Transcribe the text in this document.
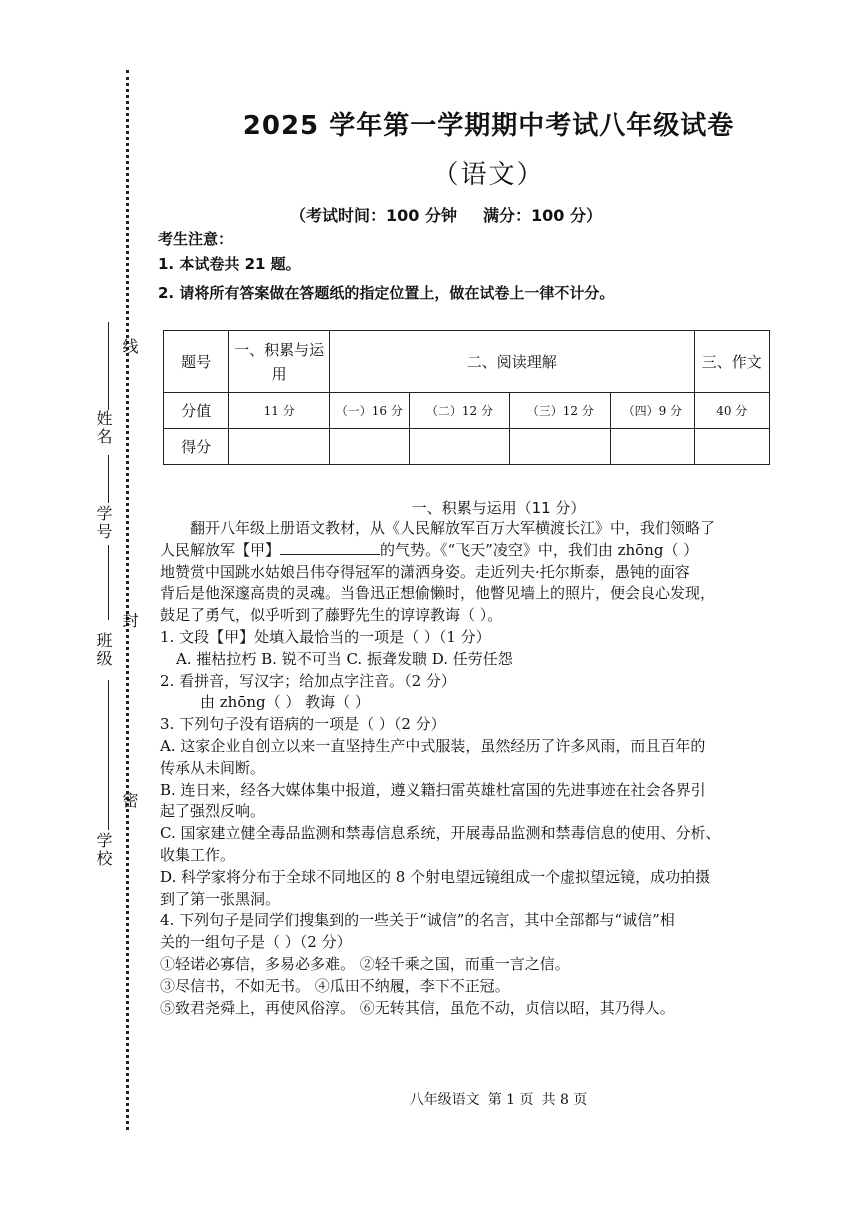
线
姓名
学号
封
班级
密
学校
2025 学年第一学期期中考试八年级试卷
（语文）
（考试时间：100 分钟 满分：100 分）
考生注意：
1. 本试卷共 21 题。
2. 请将所有答案做在答题纸的指定位置上，做在试卷上一律不计分。
题号	一、积累与运用	二、阅读理解				三、作文
分值	11 分	（一）16 分	（二）12 分	（三）12 分	（四）9 分	40 分
得分						
一、积累与运用（11 分）
翻开八年级上册语文教材，从《人民解放军百万大军横渡长江》中，我们领略了
人民解放军【甲】	的气势。《“飞天”凌空》中，我们由 zhōng（ ）
地赞赏中国跳水姑娘吕伟夺得冠军的潇洒身姿。走近列夫·托尔斯泰，愚钝的面容
背后是他深邃高贵的灵魂。当鲁迅正想偷懒时，他瞥见墙上的照片，便会良心发现，
鼓足了勇气，似乎听到了藤野先生的谆谆教诲（ ）。
1. 文段【甲】处填入最恰当的一项是（ ）（1 分）
A. 摧枯拉朽 B. 锐不可当 C. 振聋发聩 D. 任劳任怨
2. 看拼音，写汉字；给加点字注音。（2 分）
由 zhōng（ ） 教诲（ ）
3. 下列句子没有语病的一项是（ ）（2 分）
A. 这家企业自创立以来一直坚持生产中式服装，虽然经历了许多风雨，而且百年的
传承从未间断。
B. 连日来，经各大媒体集中报道，遵义籍扫雷英雄杜富国的先进事迹在社会各界引
起了强烈反响。
C. 国家建立健全毒品监测和禁毒信息系统，开展毒品监测和禁毒信息的使用、分析、
收集工作。
D. 科学家将分布于全球不同地区的 8 个射电望远镜组成一个虚拟望远镜，成功拍摄
到了第一张黑洞。
4. 下列句子是同学们搜集到的一些关于“诚信”的名言，其中全部都与“诚信”相
关的一组句子是（ ）（2 分）
①轻诺必寡信，多易必多难。 ②轻千乘之国，而重一言之信。
③尽信书，不如无书。 ④瓜田不纳履，李下不正冠。
⑤致君尧舜上，再使风俗淳。 ⑥无转其信，虽危不动，贞信以昭，其乃得人。
八年级语文 第 1 页 共 8 页
